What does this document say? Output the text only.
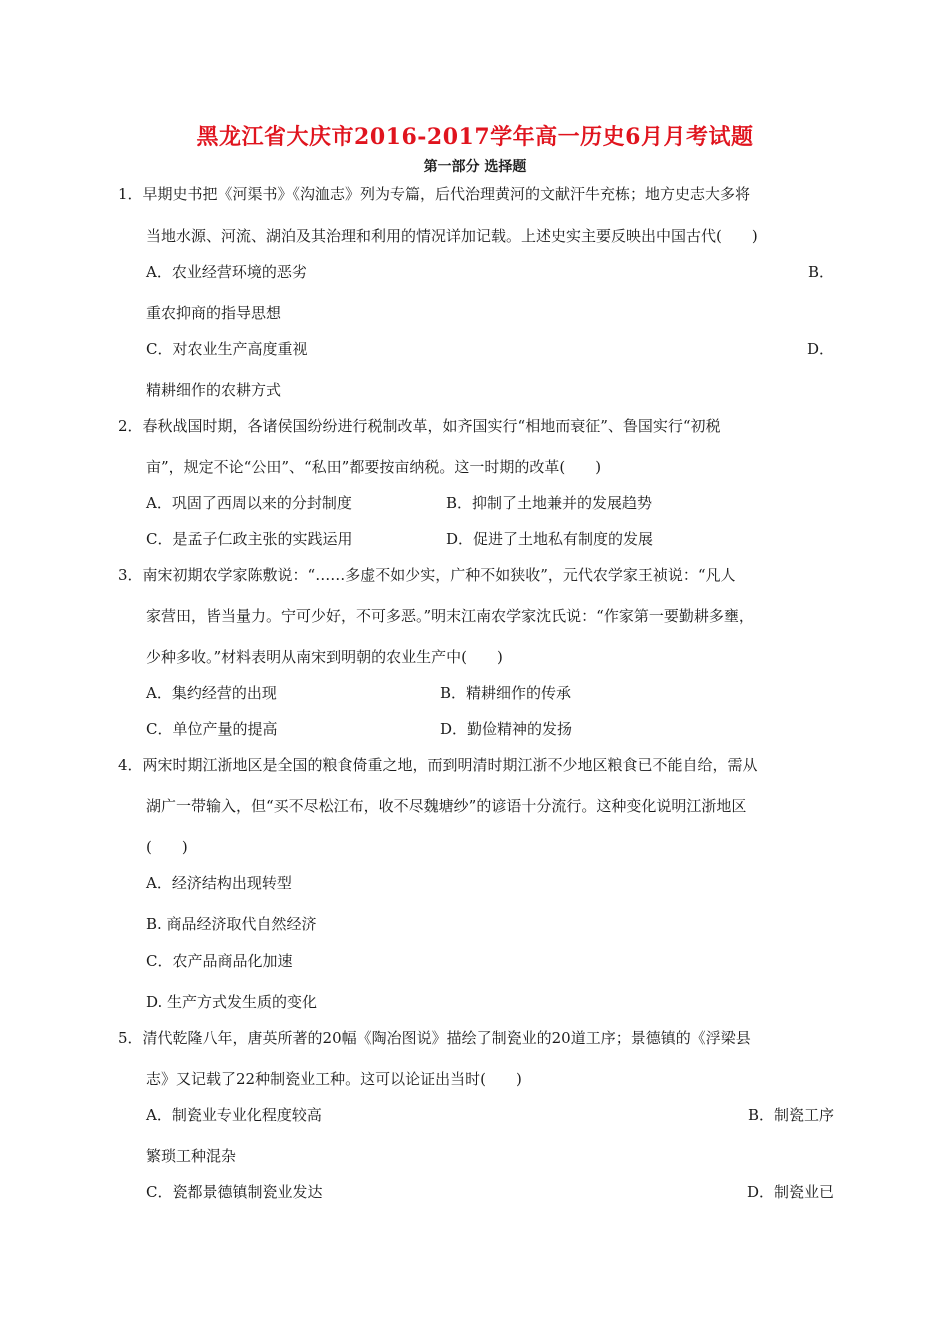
黑龙江省大庆市2016-2017学年高一历史6月月考试题
第一部分 选择题
1．早期史书把《河渠书》《沟洫志》列为专篇，后代治理黄河的文献汗牛充栋；地方史志大多将
当地水源、河流、湖泊及其治理和利用的情况详加记载。上述史实主要反映出中国古代(　　)
A．农业经营环境的恶劣	B．
重农抑商的指导思想
C．对农业生产高度重视	D．
精耕细作的农耕方式
2．春秋战国时期，各诸侯国纷纷进行税制改革，如齐国实行“相地而衰征”、鲁国实行“初税
亩”，规定不论“公田”、“私田”都要按亩纳税。这一时期的改革(　　)
A．巩固了西周以来的分封制度	B．抑制了土地兼并的发展趋势
C．是孟子仁政主张的实践运用	D．促进了土地私有制度的发展
3．南宋初期农学家陈敷说：“……多虚不如少实，广种不如狭收”，元代农学家王祯说：“凡人
家营田，皆当量力。宁可少好，不可多恶。”明末江南农学家沈氏说：“作家第一要勤耕多壅，
少种多收。”材料表明从南宋到明朝的农业生产中(　　)
A．集约经营的出现	B．精耕细作的传承
C．单位产量的提高	D．勤俭精神的发扬
4．两宋时期江浙地区是全国的粮食倚重之地，而到明清时期江浙不少地区粮食已不能自给，需从
湖广一带输入，但“买不尽松江布，收不尽魏塘纱”的谚语十分流行。这种变化说明江浙地区
(　　)
A．经济结构出现转型
B. 商品经济取代自然经济
C．农产品商品化加速
D. 生产方式发生质的变化
5．清代乾隆八年，唐英所著的20幅《陶冶图说》描绘了制瓷业的20道工序；景德镇的《浮梁县
志》又记载了22种制瓷业工种。这可以论证出当时(　　)
A．制瓷业专业化程度较高	B．制瓷工序
繁琐工种混杂
C．瓷都景德镇制瓷业发达	D．制瓷业已
